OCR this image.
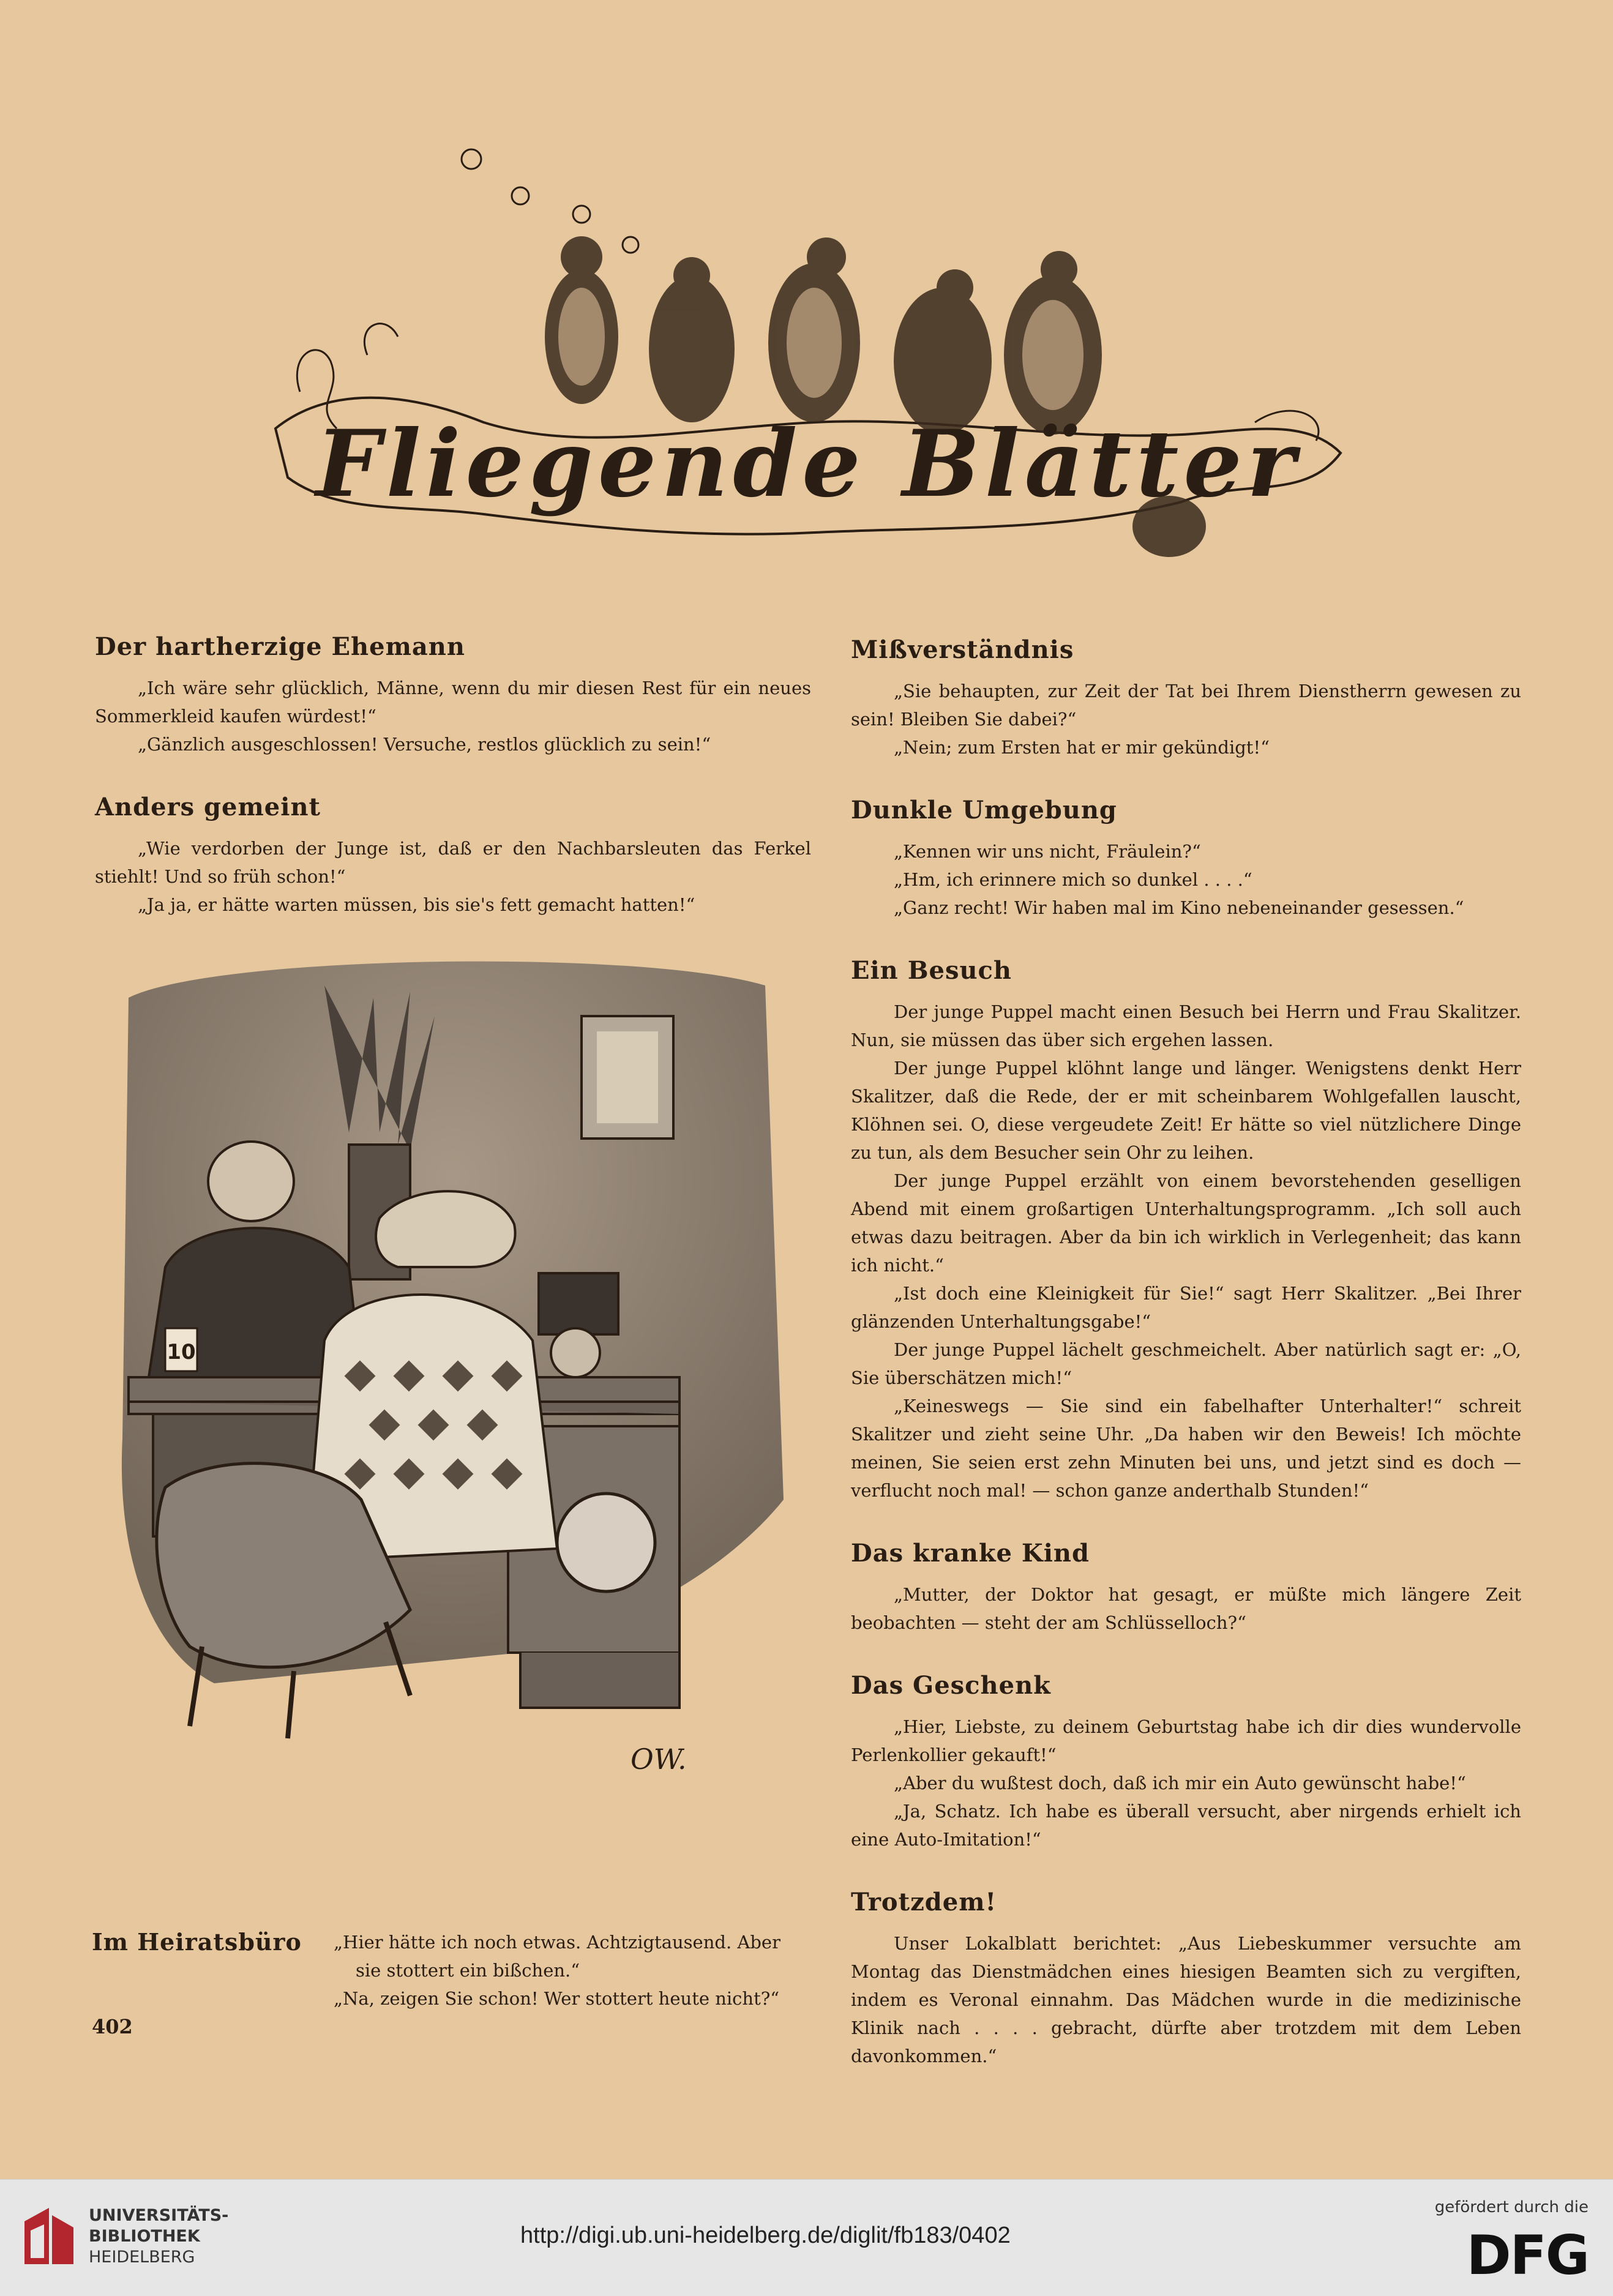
Fliegende Blätter
Der hartherzige Ehemann

„Ich wäre sehr glücklich, Männe, wenn du mir diesen Rest für ein neues Sommerkleid kaufen würdest!“

„Gänzlich ausgeschlossen! Versuche, restlos glücklich zu sein!“

Anders gemeint

„Wie verdorben der Junge ist, daß er den Nachbarsleuten das Ferkel stiehlt! Und so früh schon!“

„Ja ja, er hätte warten müssen, bis sie's fett gemacht hatten!“

10
OW.
Im Heiratsbüro „Hier hätte ich noch etwas. Achtzigtausend. Aber

sie stottert ein bißchen.“

„Na, zeigen Sie schon! Wer stottert heute nicht?“

402
Mißverständnis

„Sie behaupten, zur Zeit der Tat bei Ihrem Dienstherrn gewesen zu sein! Bleiben Sie dabei?“

„Nein; zum Ersten hat er mir gekündigt!“

Dunkle Umgebung

„Kennen wir uns nicht, Fräulein?“

„Hm, ich erinnere mich so dunkel . . . .“

„Ganz recht! Wir haben mal im Kino nebeneinander gesessen.“

Ein Besuch

Der junge Puppel macht einen Besuch bei Herrn und Frau Skalitzer. Nun, sie müssen das über sich ergehen lassen.

Der junge Puppel klöhnt lange und länger. Wenigstens denkt Herr Skalitzer, daß die Rede, der er mit scheinbarem Wohlgefallen lauscht, Klöhnen sei. O, diese vergeudete Zeit! Er hätte so viel nützlichere Dinge zu tun, als dem Besucher sein Ohr zu leihen.

Der junge Puppel erzählt von einem bevorstehenden geselligen Abend mit einem großartigen Unterhaltungsprogramm. „Ich soll auch etwas dazu beitragen. Aber da bin ich wirklich in Verlegenheit; das kann ich nicht.“

„Ist doch eine Kleinigkeit für Sie!“ sagt Herr Skalitzer. „Bei Ihrer glänzenden Unterhaltungsgabe!“

Der junge Puppel lächelt geschmeichelt. Aber natürlich sagt er: „O, Sie überschätzen mich!“

„Keineswegs — Sie sind ein fabelhafter Unterhalter!“ schreit Skalitzer und zieht seine Uhr. „Da haben wir den Beweis! Ich möchte meinen, Sie seien erst zehn Minuten bei uns, und jetzt sind es doch — verflucht noch mal! — schon ganze anderthalb Stunden!“

Das kranke Kind

„Mutter, der Doktor hat gesagt, er müßte mich längere Zeit beobachten — steht der am Schlüsselloch?“

Das Geschenk

„Hier, Liebste, zu deinem Geburtstag habe ich dir dies wundervolle Perlenkollier gekauft!“

„Aber du wußtest doch, daß ich mir ein Auto gewünscht habe!“

„Ja, Schatz. Ich habe es überall versucht, aber nirgends erhielt ich eine Auto-Imitation!“

Trotzdem!

Unser Lokalblatt berichtet: „Aus Liebeskummer versuchte am Montag das Dienstmädchen eines hiesigen Beamten sich zu vergiften, indem es Veronal einnahm. Das Mädchen wurde in die medizinische Klinik nach . . . . gebracht, dürfte aber trotzdem mit dem Leben davonkommen.“

UNIVERSITÄTS-
BIBLIOTHEK
HEIDELBERG
http://digi.ub.uni-heidelberg.de/diglit/fb183/0402
gefördert durch die
DFG
